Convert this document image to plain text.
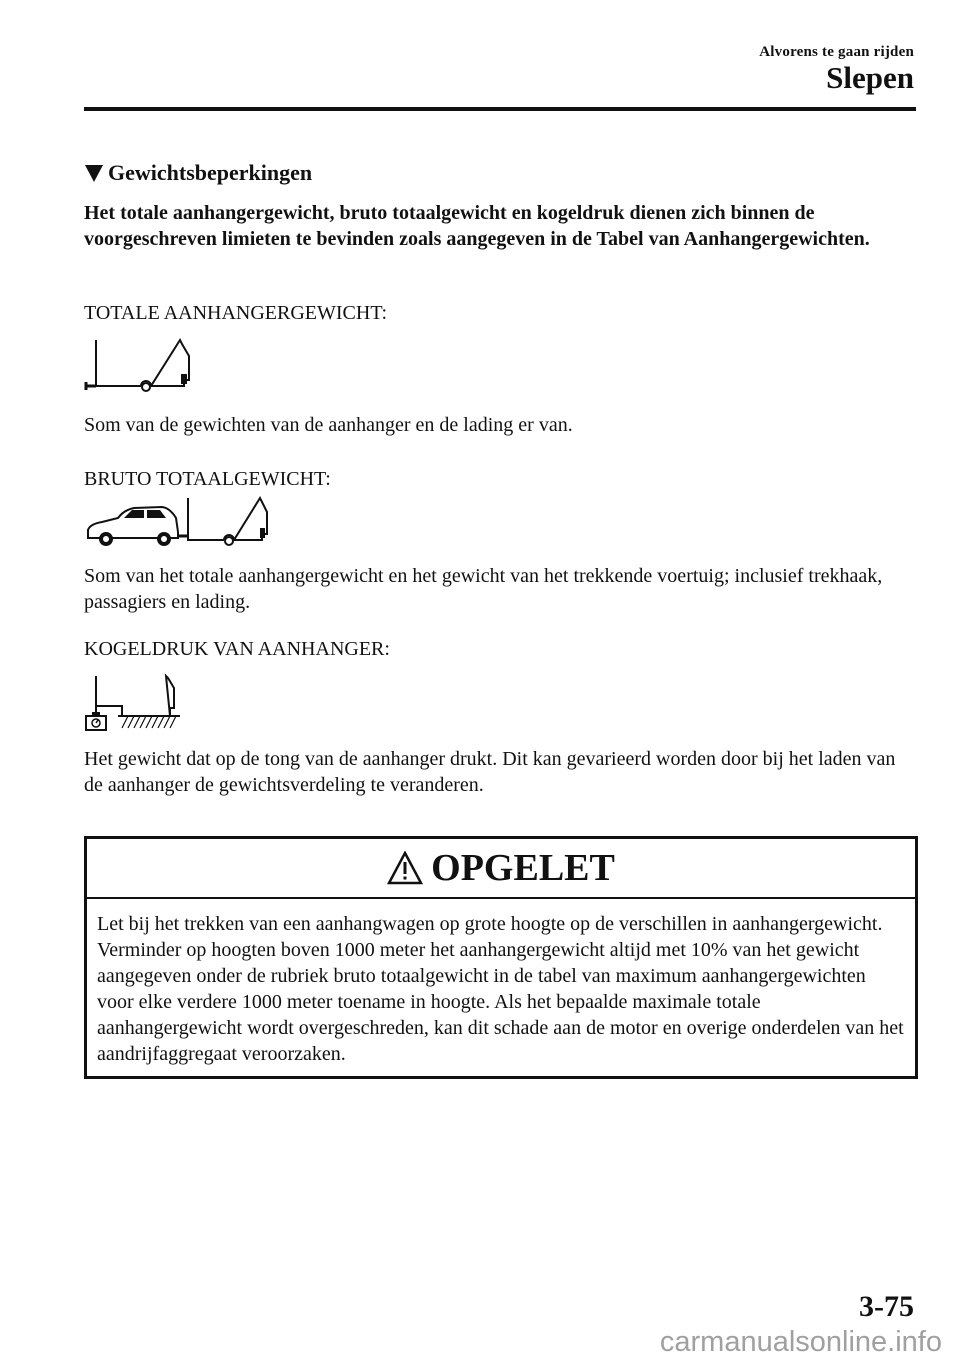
Alvorens te gaan rijden
Slepen
Gewichtsbeperkingen
Het totale aanhangergewicht, bruto totaalgewicht en kogeldruk dienen zich binnen de voorgeschreven limieten te bevinden zoals aangegeven in de Tabel van Aanhangergewichten.
TOTALE AANHANGERGEWICHT:
Som van de gewichten van de aanhanger en de lading er van.
BRUTO TOTAALGEWICHT:
Som van het totale aanhangergewicht en het gewicht van het trekkende voertuig; inclusief trekhaak, passagiers en lading.
KOGELDRUK VAN AANHANGER:
Het gewicht dat op de tong van de aanhanger drukt. Dit kan gevarieerd worden door bij het laden van de aanhanger de gewichtsverdeling te veranderen.
OPGELET
Let bij het trekken van een aanhangwagen op grote hoogte op de verschillen in aanhangergewicht. Verminder op hoogten boven 1000 meter het aanhangergewicht altijd met 10% van het gewicht aangegeven onder de rubriek bruto totaalgewicht in de tabel van maximum aanhangergewichten voor elke verdere 1000 meter toename in hoogte. Als het bepaalde maximale totale aanhangergewicht wordt overgeschreden, kan dit schade aan de motor en overige onderdelen van het aandrijfaggregaat veroorzaken.
3-75
carmanualsonline.info
